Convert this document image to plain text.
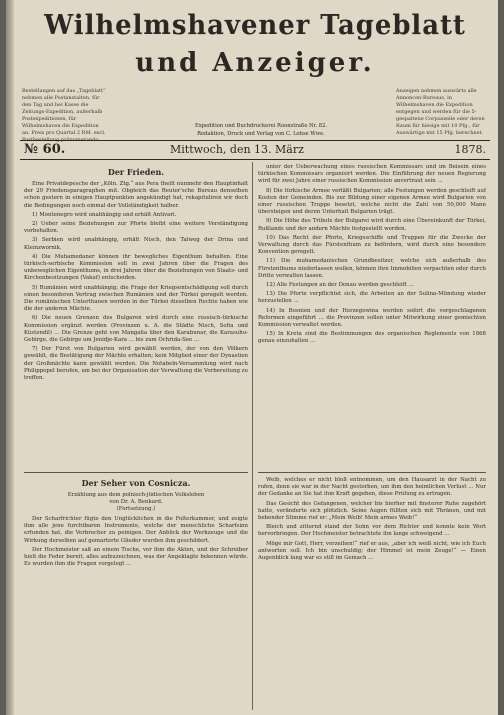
Wilhelmshavener Tageblatt
und Anzeiger.
Bestellungen auf das „Tageblatt“ nehmen alle Postanstalten, für den Tag und bei Kasse die Zeitungs-Expedition, außerhalb Postexpeditionen, für Wilhelmshaven die Expedition an. Preis pro Quartal 2 RM. excl. Postbestellung pränumerando.
Anzeigen nehmen auswärts alle Annoncen-Bureaus, in Wilhelmshaven die Expedition entgegen und werden für die 5-gespaltene Corpuszeile oder deren Raum für hiesige mit 10 Pfg., für Auswärtige mit 15 Pfg. berechnet.
Expedition und Buchdruckerei Roonstraße Nr. 82.
Redaktion, Druck und Verlag von C. Lohse Wwe.
№ 60.	Mittwoch, den 13. März	1878.
Der Frieden.

Eine Privatdepesche der „Köln. Ztg.“ aus Pera theilt nunmehr den Hauptinhalt der 29 Friedensparagraphen mit. Obgleich das Reuter'sche Bureau denselben schon gestern in einigen Hauptpunkten angekündigt hat, rekapituliren wir doch die Bedingungen noch einmal der Vollständigkeit halber.

1) Montenegro wird unabhängig und erhält Antivari.

2) Ueber seine Beziehungen zur Pforte bleibt eine weitere Verständigung vorbehalten.

3) Serbien wird unabhängig, erhält Nisch, den Talweg der Drina und Kleinzwornik.

4) Die Muhamedaner können ihr bewegliches Eigenthum behalten. Eine türkisch-serbische Kommission soll in zwei Jahren über die Fragen des unbeweglichen Eigenthums, in drei Jahren über die Beziehungen von Staats- und Kirchenbesitzungen (Vakuf) entscheiden.

5) Rumänien wird unabhängig; die Frage der Kriegsentschädigung soll durch einen besonderen Vertrag zwischen Rumänien und der Türkei geregelt werden. Die rumänischen Unterthanen werden in der Türkei dieselben Rechte haben wie die der anderen Mächte.

6) Die neuen Grenzen des Bulgaren wird durch eine russisch-türkische Kommission ergänzt werden (Provinzen u. A. die Städte Nisch, Sofia und Küstendil) ... Die Grenze geht von Mangalia über den Karabunar, die Karasuhu-Gebirge, die Gebirge um Jenidje-Kara ... bis zum Ochrida-See ...

7) Der Fürst von Bulgarien wird gewählt werden, der von den Völkern gewählt, die Bestätigung der Mächte erhalten; kein Mitglied einer der Dynastien der Großmächte kann gewählt werden. Die Notabeln-Versammlung wird nach Philippopel berufen, um bei der Organisation der Verwaltung die Vorbereitung zu treffen.

Der Seher von Cosnicza.
Erzählung aus dem polnisch-jüdischen Volksleben
von Dr. A. Benkard.
(Fortsetzung.)

Der Scharfrichter fügte den Unglücklichen in die Folterkammer, und zeigte ihm alle jene furchtbaren Instrumente, welche der menschliche Scharfsinn erfunden hat, die Verbrecher zu peinigen. Der Anblick der Werkzeuge und die Wirkung derselben auf gemarterte Glieder wurden ihm geschildert.

Der Hochmeister saß an einem Tische, vor ihm die Akten, und der Schreiber hielt die Feder bereit, alles aufzuzeichnen, was der Angeklagte bekennen würde. Es wurden ihm die Fragen vorgelegt ...

unter der Ueberwachung eines russischen Kommissars und im Beisein eines türkischen Kommissars organisirt werden. Die Einführung der neuen Regierung wird für zwei Jahre einer russischen Kommission anvertraut sein ...

8) Die türkische Armee verläßt Bulgarien; alle Festungen werden geschleift auf Kosten der Gemeinden. Bis zur Bildung einer eigenen Armee wird Bulgarien von einer russischen Truppe besetzt, welche nicht die Zahl von 50,000 Mann übersteigen und deren Unterhalt Bulgarien trägt.

9) Die Höhe des Tributs der Bulgarei wird durch eine Übereinkunft der Türkei, Rußlands und der andern Mächte festgestellt werden.

10) Das Recht der Pforte, Kriegsschiffe und Truppen für die Zwecke der Verwaltung durch das Fürstenthum zu befördern, wird durch eine besondere Konvention geregelt.

11) Die muhamedanischen Grundbesitzer, welche sich außerhalb des Fürstenthums niederlassen wollen, können ihre Immobilien verpachten oder durch Dritte verwalten lassen.

12) Alle Festungen an der Donau werden geschleift ...

13) Die Pforte verpflichtet sich, die Arbeiten an der Sulina-Mündung wieder herzustellen ...

14) In Bosnien und der Herzegowina werden sofort die vorgeschlagenen Reformen eingeführt ... die Provinzen sollen unter Mitwirkung einer gemischten Kommission verwaltet werden.

15) In Kreta sind die Bestimmungen des organischen Reglements von 1868 genau einzuhalten ...

Weib, welches er nicht bloß entnommen, um den Hausarzt in der Nacht zu rufen, denn sie war in der Nacht gestorben, um ihm den heimlichen Verlust ... Nur der Gedanke an Sie hat ihm Kraft gegeben, diese Prüfung zu ertragen.

Das Gesicht des Gefangenen, welcher bis hierher mit finsterer Ruhe zugehört hatte, veränderte sich plötzlich. Seine Augen füllten sich mit Thränen, und mit bebender Stimme rief er: „Mein Weib! Mein armes Weib!“

Bleich und zitternd stand der Sohn vor dem Richter und konnte kein Wort hervorbringen. Der Hochmeister betrachtete ihn lange schweigend ...

Möge mir Gott, Herr, verzeihen!“ rief er aus, „aber ich weiß nicht, wie ich Euch antworten soll. Ich bin unschuldig; der Himmel ist mein Zeuge!“ — Einen Augenblick lang war es still im Gemach ...
